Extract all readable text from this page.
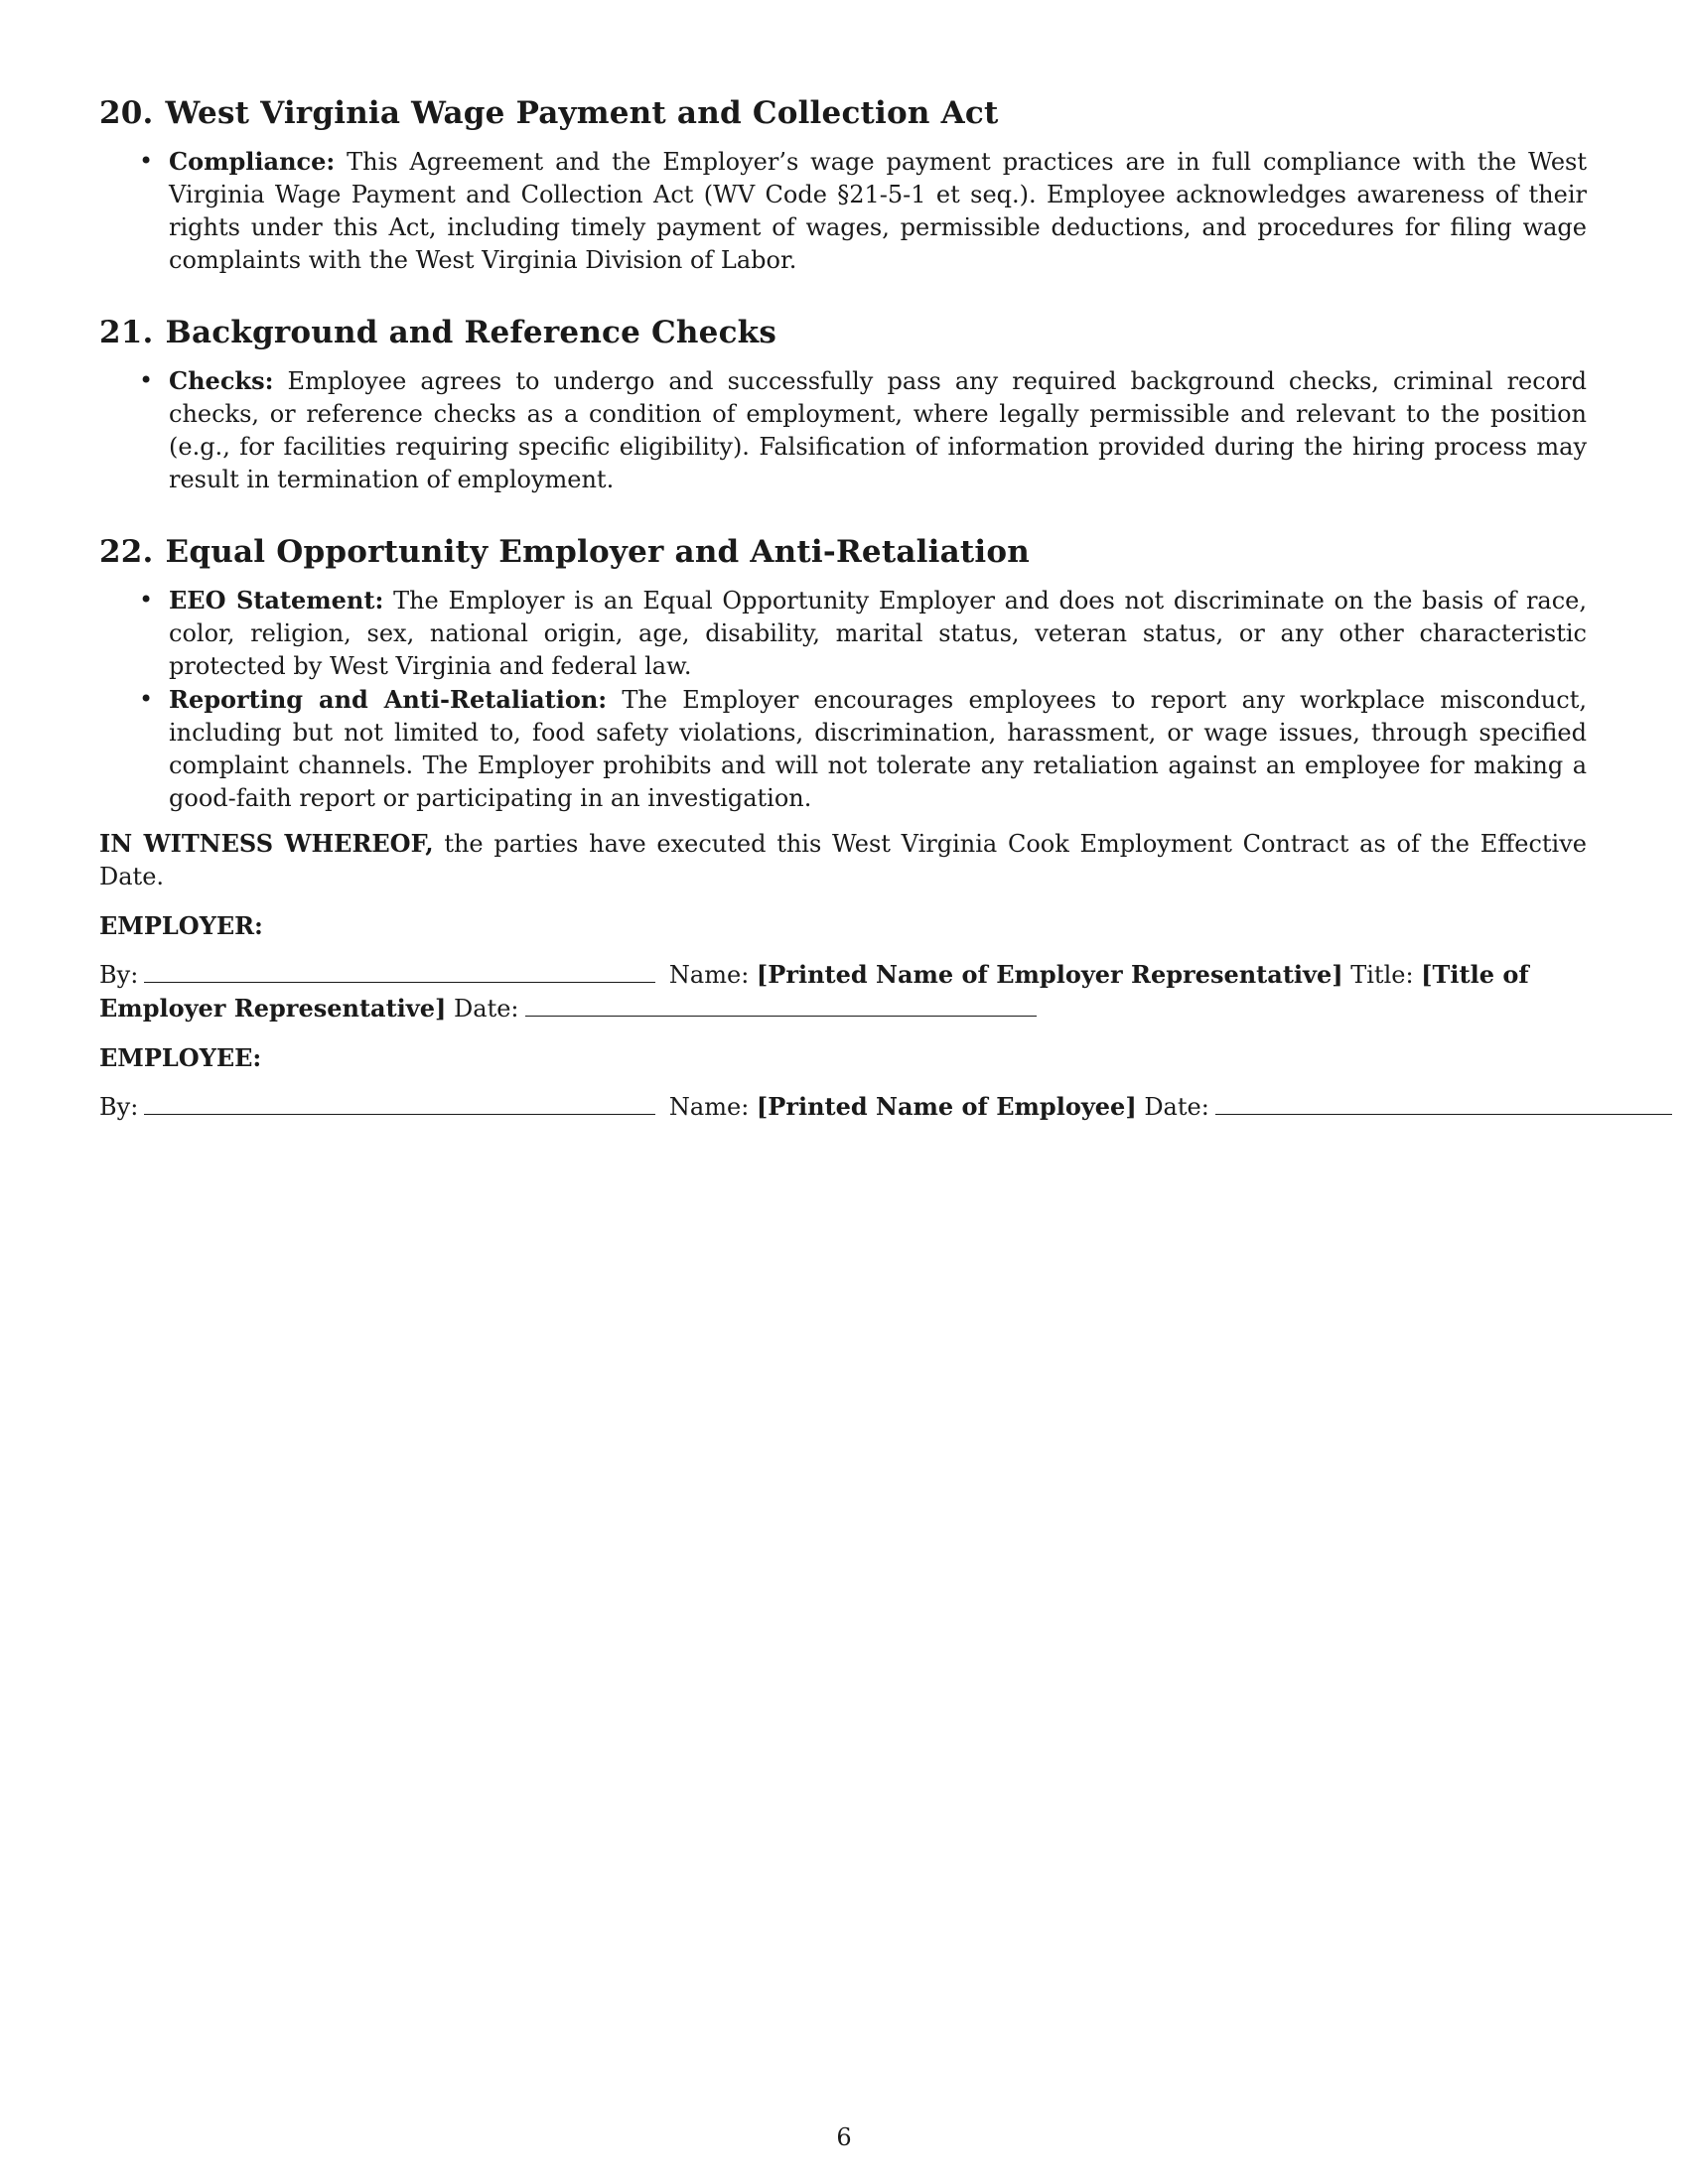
20. West Virginia Wage Payment and Collection Act
• Compliance: This Agreement and the Employer’s wage payment practices are in full compliance with the West Virginia Wage Payment and Collection Act (WV Code §21-5-1 et seq.). Employee acknowledges awareness of their rights under this Act, including timely payment of wages, permissible deductions, and procedures for filing wage complaints with the West Virginia Division of Labor.
21. Background and Reference Checks
• Checks: Employee agrees to undergo and successfully pass any required background checks, criminal record checks, or reference checks as a condition of employment, where legally permissible and relevant to the position (e.g., for facilities requiring specific eligibility). Falsification of information provided during the hiring process may result in termination of employment.
22. Equal Opportunity Employer and Anti-Retaliation
• EEO Statement: The Employer is an Equal Opportunity Employer and does not discriminate on the basis of race, color, religion, sex, national origin, age, disability, marital status, veteran status, or any other characteristic protected by West Virginia and federal law.
• Reporting and Anti-Retaliation: The Employer encourages employees to report any workplace misconduct, including but not limited to, food safety violations, discrimination, harassment, or wage issues, through specified complaint channels. The Employer prohibits and will not tolerate any retaliation against an employee for making a good-faith report or participating in an investigation.

IN WITNESS WHEREOF, the parties have executed this West Virginia Cook Employment Contract as of the Effective Date.

EMPLOYER:

By:	Name: [Printed Name of Employer Representative] Title: [Title of Employer Representative] Date:

EMPLOYEE:

By:	Name: [Printed Name of Employee] Date:

6
